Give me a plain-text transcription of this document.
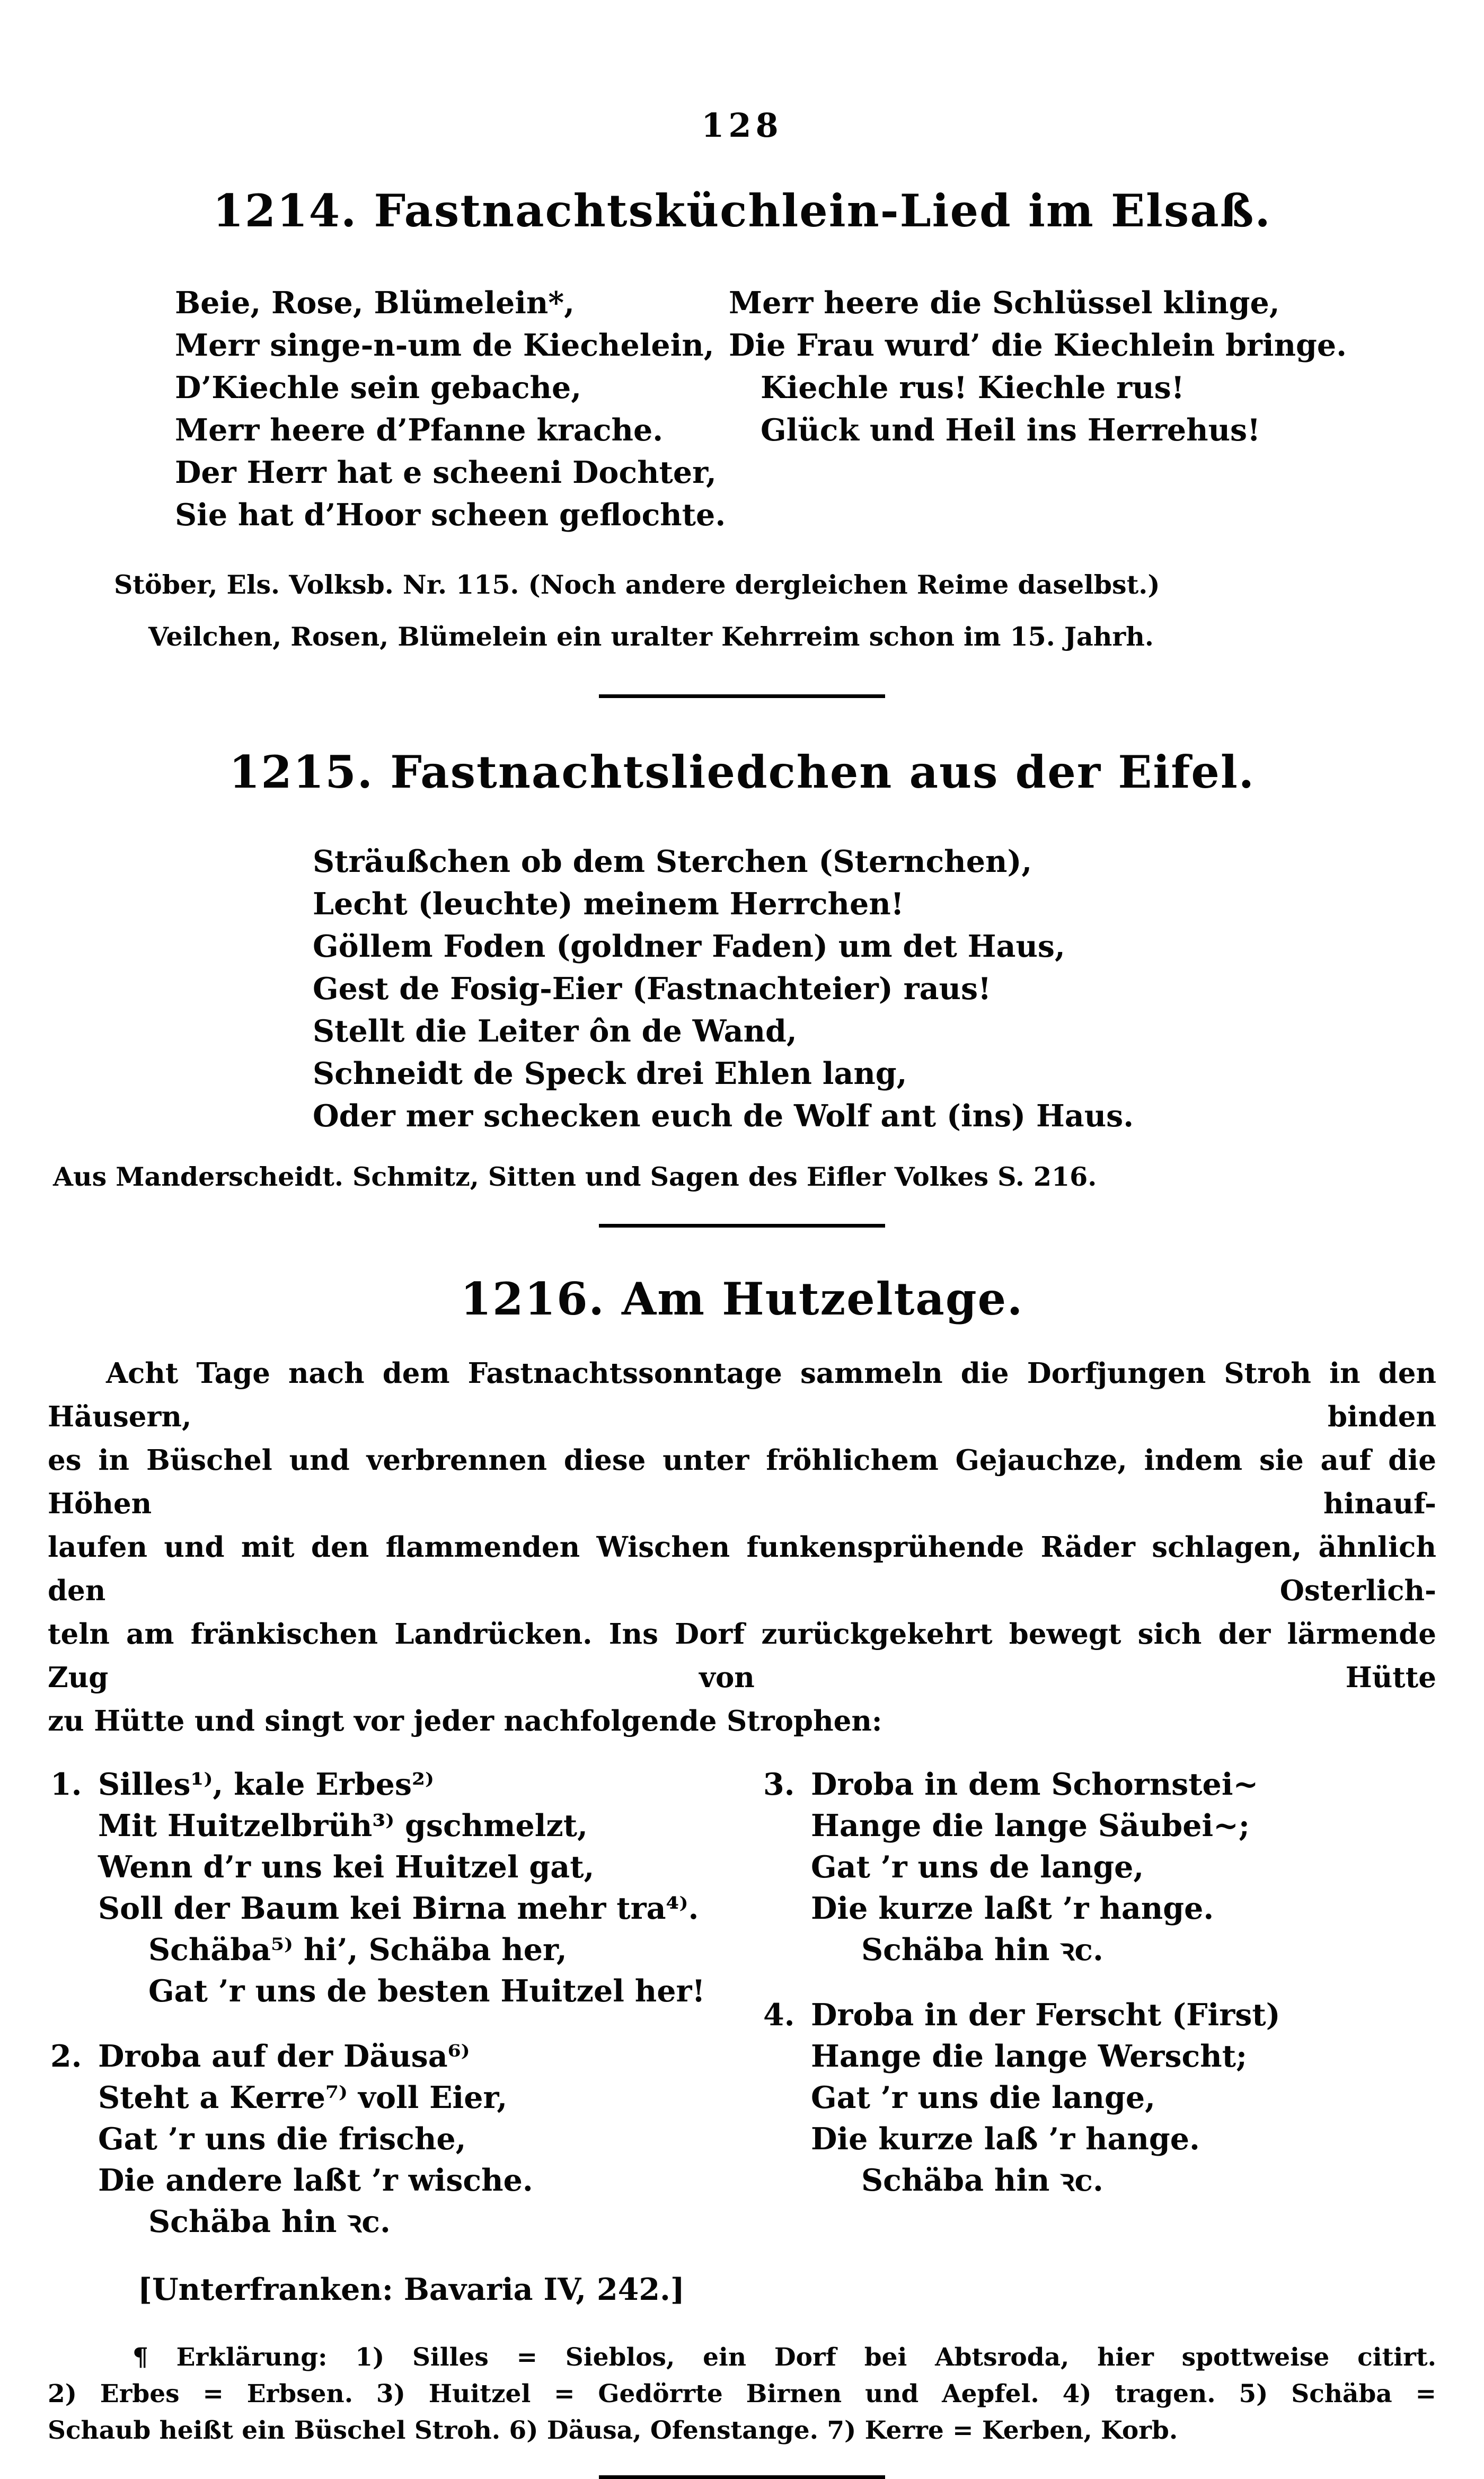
128
1214. Fastnachtsküchlein-Lied im Elsaß.
Beie, Rose, Blümelein*,
Merr singe-n-um de Kiechelein,
D’Kiechle sein gebache,
Merr heere d’Pfanne krache.
Der Herr hat e scheeni Dochter,
Sie hat d’Hoor scheen geflochte.
Merr heere die Schlüssel klinge,
Die Frau wurd’ die Kiechlein bringe.
Kiechle rus! Kiechle rus!
Glück und Heil ins Herrehus!
Stöber, Els. Volksb. Nr. 115. (Noch andere dergleichen Reime daselbst.)
Veilchen, Rosen, Blümelein ein uralter Kehrreim schon im 15. Jahrh.
1215. Fastnachtsliedchen aus der Eifel.
Sträußchen ob dem Sterchen (Sternchen),
Lecht (leuchte) meinem Herrchen!
Göllem Foden (goldner Faden) um det Haus,
Gest de Fosig-Eier (Fastnachteier) raus!
Stellt die Leiter ôn de Wand,
Schneidt de Speck drei Ehlen lang,
Oder mer schecken euch de Wolf ant (ins) Haus.
Aus Manderscheidt. Schmitz, Sitten und Sagen des Eifler Volkes S. 216.
1216. Am Hutzeltage.
Acht Tage nach dem Fastnachtssonntage sammeln die Dorfjungen Stroh in den Häusern, binden
es in Büschel und verbrennen diese unter fröhlichem Gejauchze, indem sie auf die Höhen hinauf-
laufen und mit den flammenden Wischen funkensprühende Räder schlagen, ähnlich den Osterlich-
teln am fränkischen Landrücken. Ins Dorf zurückgekehrt bewegt sich der lärmende Zug von Hütte
zu Hütte und singt vor jeder nachfolgende Strophen:
1. Silles¹⁾, kale Erbes²⁾
Mit Huitzelbrüh³⁾ gschmelzt,
Wenn d’r uns kei Huitzel gat,
Soll der Baum kei Birna mehr tra⁴⁾.
Schäba⁵⁾ hi’, Schäba her,
Gat ’r uns de besten Huitzel her!
2. Droba auf der Däusa⁶⁾
Steht a Kerre⁷⁾ voll Eier,
Gat ’r uns die frische,
Die andere laßt ’r wische.
Schäba hin ꝛc.
3. Droba in dem Schornstei~
Hange die lange Säubei~;
Gat ’r uns de lange,
Die kurze laßt ’r hange.
Schäba hin ꝛc.
4. Droba in der Ferscht (First)
Hange die lange Werscht;
Gat ’r uns die lange,
Die kurze laß ’r hange.
Schäba hin ꝛc.
[Unterfranken: Bavaria IV, 242.]
¶ Erklärung: 1) Silles = Sieblos, ein Dorf bei Abtsroda, hier spottweise citirt.
2) Erbes = Erbsen. 3) Huitzel = Gedörrte Birnen und Aepfel. 4) tragen. 5) Schäba =
Schaub heißt ein Büschel Stroh. 6) Däusa, Ofenstange. 7) Kerre = Kerben, Korb.
